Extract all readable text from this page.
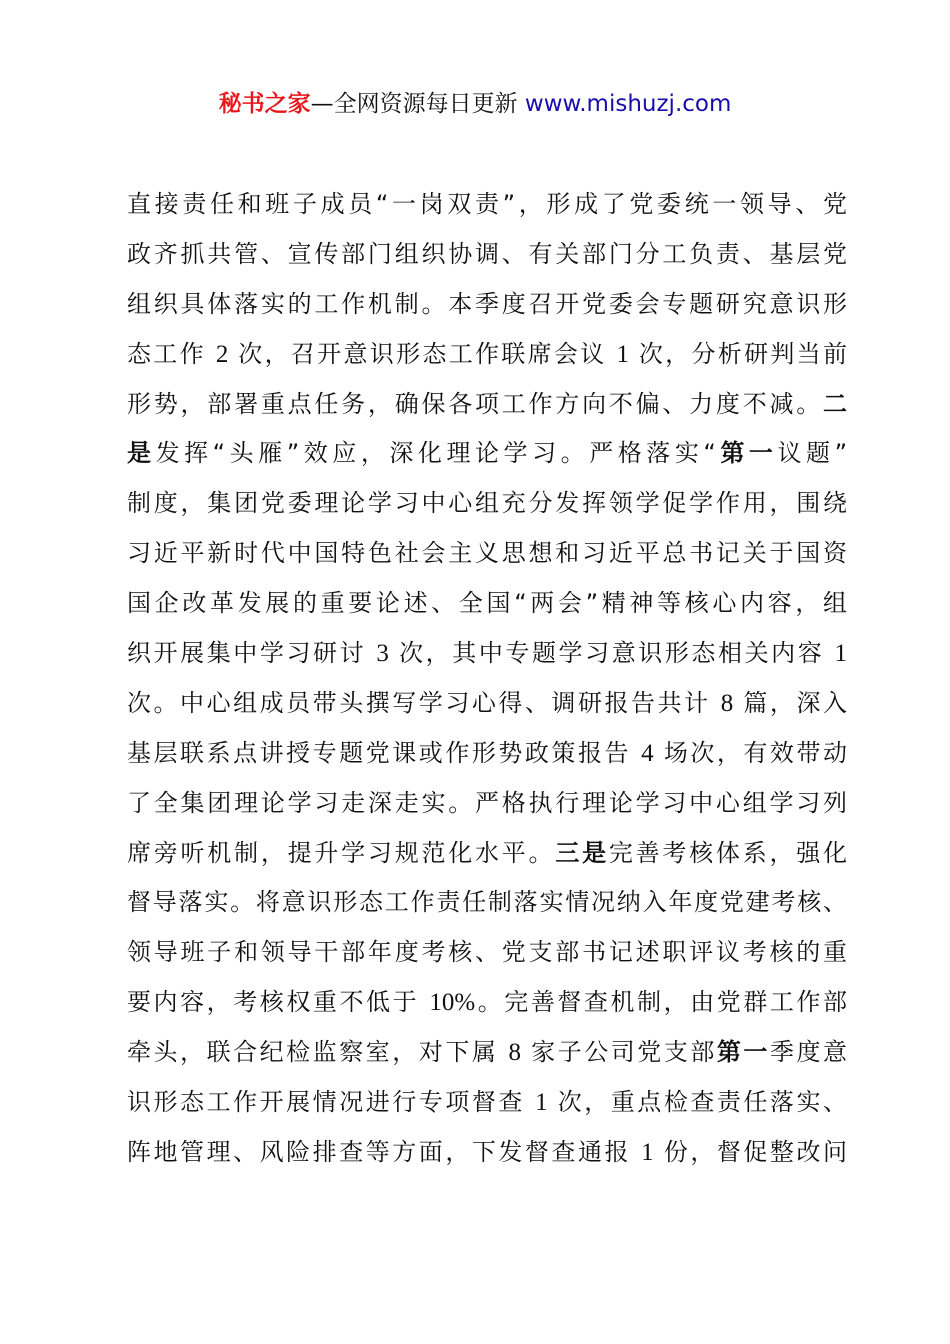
秘书之家—全网资源每日更新 www.mishuzj.com
直接责任和班子成员“一岗双责”，形成了党委统一领导、党
政齐抓共管、宣传部门组织协调、有关部门分工负责、基层党
组织具体落实的工作机制。本季度召开党委会专题研究意识形
态工作 2 次，召开意识形态工作联席会议 1 次，分析研判当前
形势，部署重点任务，确保各项工作方向不偏、力度不减。二
是发挥“头雁”效应，深化理论学习。严格落实“第一议题”
制度，集团党委理论学习中心组充分发挥领学促学作用，围绕
习近平新时代中国特色社会主义思想和习近平总书记关于国资
国企改革发展的重要论述、全国“两会”精神等核心内容，组
织开展集中学习研讨 3 次，其中专题学习意识形态相关内容 1
次。中心组成员带头撰写学习心得、调研报告共计 8 篇，深入
基层联系点讲授专题党课或作形势政策报告 4 场次，有效带动
了全集团理论学习走深走实。严格执行理论学习中心组学习列
席旁听机制，提升学习规范化水平。三是完善考核体系，强化
督导落实。将意识形态工作责任制落实情况纳入年度党建考核、
领导班子和领导干部年度考核、党支部书记述职评议考核的重
要内容，考核权重不低于 10%。完善督查机制，由党群工作部
牵头，联合纪检监察室，对下属 8 家子公司党支部第一季度意
识形态工作开展情况进行专项督查 1 次，重点检查责任落实、
阵地管理、风险排查等方面，下发督查通报 1 份，督促整改问
